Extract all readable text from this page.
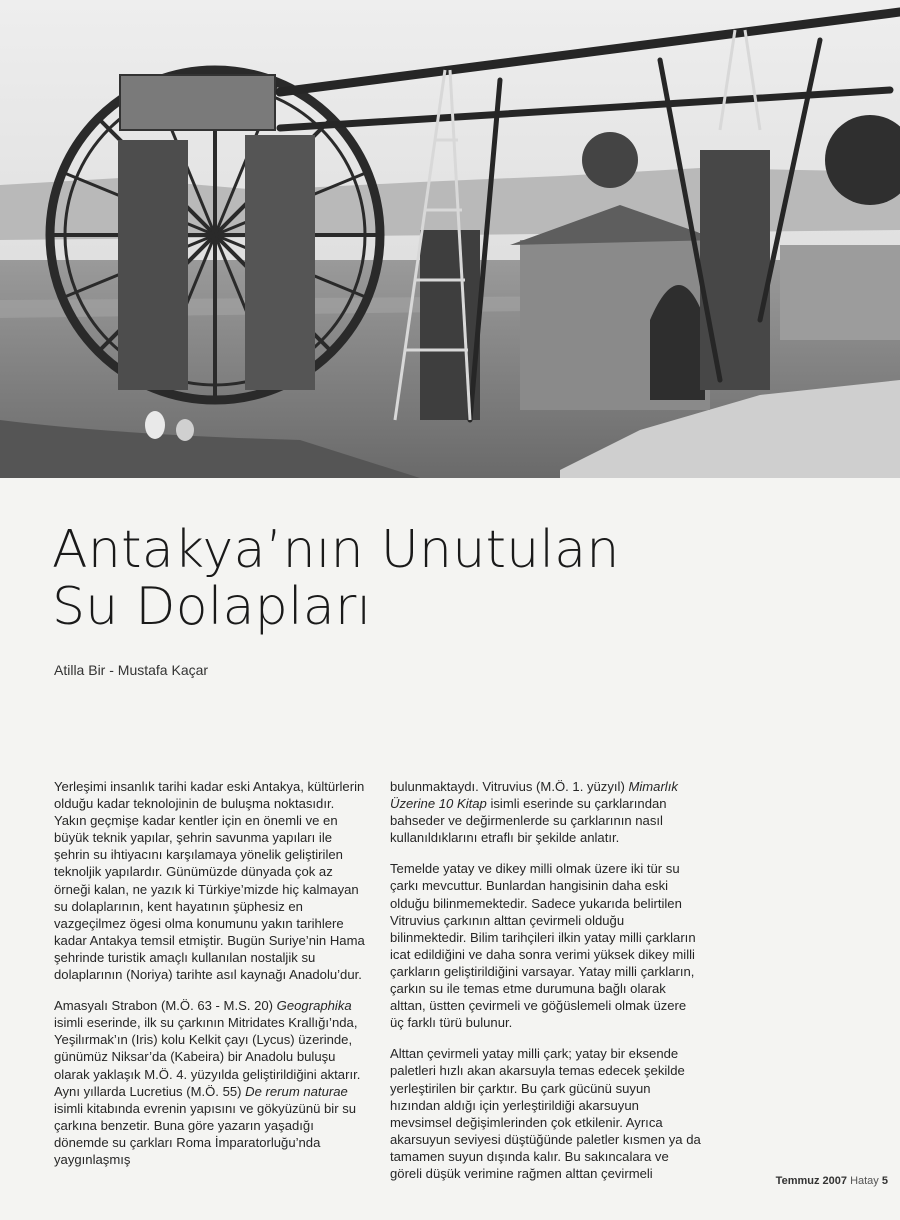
Antakya’nın Unutulan
Su Dolapları
Atilla Bir - Mustafa Kaçar

Yerleşimi insanlık tarihi kadar eski Antakya, kültürlerin olduğu kadar teknolojinin de buluşma noktasıdır. Yakın geçmişe kadar kentler için en önemli ve en büyük teknik yapılar, şehrin savunma yapıları ile şehrin su ihtiyacını karşılamaya yönelik geliştirilen teknoljik yapılardır. Günümüzde dünyada çok az örneği kalan, ne yazık ki Türkiye’mizde hiç kalmayan su dolaplarının, kent hayatının şüphesiz en vazgeçilmez ögesi olma konumunu yakın tarihlere kadar Antakya temsil etmiştir. Bugün Suriye’nin Hama şehrinde turistik amaçlı kullanılan nostaljik su dolaplarının (Noriya) tarihte asıl kaynağı Anadolu’dur.

Amasyalı Strabon (M.Ö. 63 - M.S. 20) Geographika isimli eserinde, ilk su çarkının Mitridates Krallığı’nda, Yeşilırmak’ın (Iris) kolu Kelkit çayı (Lycus) üzerinde, günümüz Niksar’da (Kabeira) bir Anadolu buluşu olarak yaklaşık M.Ö. 4. yüzyılda geliştirildiğini aktarır. Aynı yıllarda Lucretius (M.Ö. 55) De rerum naturae isimli kitabında evrenin yapısını ve gökyüzünü bir su çarkına benzetir. Buna göre yazarın yaşadığı dönemde su çarkları Roma İmparatorluğu’nda yaygınlaşmış

bulunmaktaydı. Vitruvius (M.Ö. 1. yüzyıl) Mimarlık Üzerine 10 Kitap isimli eserinde su çarklarından bahseder ve değirmenlerde su çarklarının nasıl kullanıldıklarını etraflı bir şekilde anlatır.

Temelde yatay ve dikey milli olmak üzere iki tür su çarkı mevcuttur. Bunlardan hangisinin daha eski olduğu bilinmemektedir. Sadece yukarıda belirtilen Vitruvius çarkının alttan çevirmeli olduğu bilinmektedir. Bilim tarihçileri ilkin yatay milli çarkların icat edildiğini ve daha sonra verimi yüksek dikey milli çarkların geliştirildiğini varsayar. Yatay milli çarkların, çarkın su ile temas etme durumuna bağlı olarak alttan, üstten çevirmeli ve göğüslemeli olmak üzere üç farklı türü bulunur.

Alttan çevirmeli yatay milli çark; yatay bir eksende paletleri hızlı akan akarsuyla temas edecek şekilde yerleştirilen bir çarktır. Bu çark gücünü suyun hızından aldığı için yerleştirildiği akarsuyun mevsimsel değişimlerinden çok etkilenir. Ayrıca akarsuyun seviyesi düştüğünde paletler kısmen ya da tamamen suyun dışında kalır. Bu sakıncalara ve göreli düşük verimine rağmen alttan çevirmeli

Temmuz 2007 Hatay 5
